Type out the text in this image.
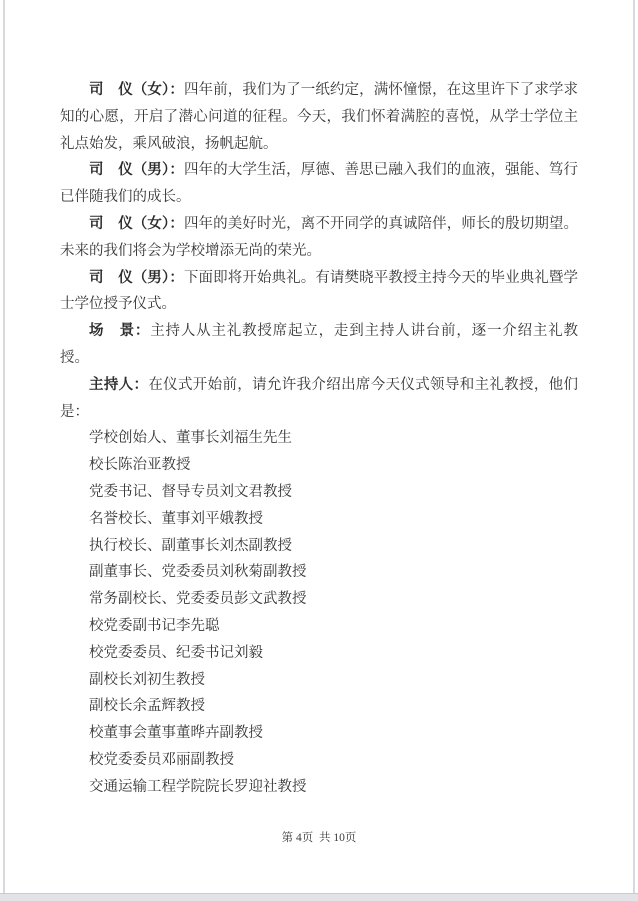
司　仪（女）：四年前，我们为了一纸约定，满怀憧憬，在这里许下了求学求知的心愿，开启了潜心问道的征程。今天，我们怀着满腔的喜悦，从学士学位主礼点始发，乘风破浪，扬帆起航。

司　仪（男）：四年的大学生活，厚德、善思已融入我们的血液，强能、笃行已伴随我们的成长。

司　仪（女）：四年的美好时光，离不开同学的真诚陪伴，师长的殷切期望。未来的我们将会为学校增添无尚的荣光。

司　仪（男）：下面即将开始典礼。有请樊晓平教授主持今天的毕业典礼暨学士学位授予仪式。

场　景：主持人从主礼教授席起立，走到主持人讲台前，逐一介绍主礼教授。

主持人：在仪式开始前，请允许我介绍出席今天仪式领导和主礼教授，他们是：

学校创始人、董事长刘福生先生
校长陈治亚教授
党委书记、督导专员刘文君教授
名誉校长、董事刘平娥教授
执行校长、副董事长刘杰副教授
副董事长、党委委员刘秋菊副教授
常务副校长、党委委员彭文武教授
校党委副书记李先聪
校党委委员、纪委书记刘毅
副校长刘初生教授
副校长余孟辉教授
校董事会董事董晔卉副教授
校党委委员邓丽副教授
交通运输工程学院院长罗迎社教授
第 4页  共 10页
